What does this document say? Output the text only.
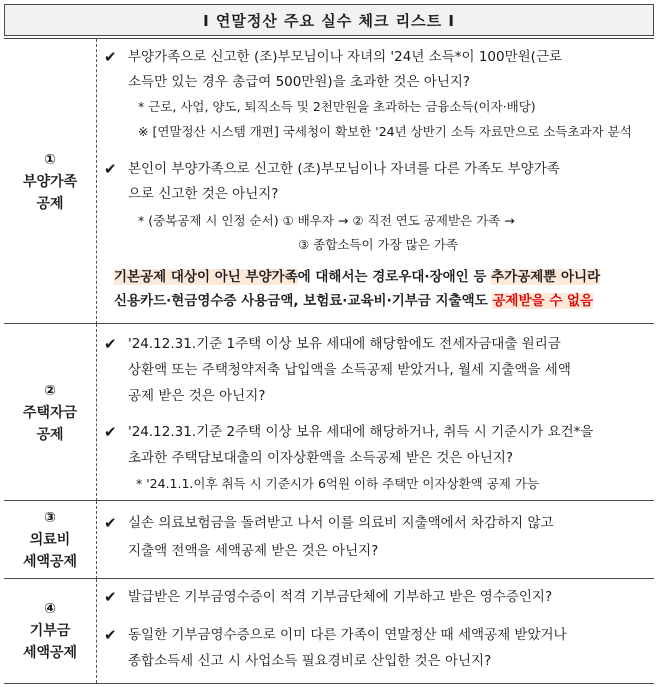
Ⅰ 연말정산 주요 실수 체크 리스트 Ⅰ
①
부양가족
공제
✔ 부양가족으로 신고한 (조)부모님이나 자녀의 '24년 소득*이 100만원(근로
소득만 있는 경우 총급여 500만원)을 초과한 것은 아닌지?
* 근로, 사업, 양도, 퇴직소득 및 2천만원을 초과하는 금융소득(이자·배당)
※ [연말정산 시스템 개편] 국세청이 확보한 '24년 상반기 소득 자료만으로 소득초과자 분석
✔ 본인이 부양가족으로 신고한 (조)부모님이나 자녀를 다른 가족도 부양가족
으로 신고한 것은 아닌지?
* (중복공제 시 인정 순서) ① 배우자 → ② 직전 연도 공제받은 가족 →
③ 종합소득이 가장 많은 가족
기본공제 대상이 아닌 부양가족에 대해서는 경로우대·장애인 등 추가공제뿐 아니라
신용카드·현금영수증 사용금액, 보험료·교육비·기부금 지출액도 공제받을 수 없음
②
주택자금
공제
✔ '24.12.31.기준 1주택 이상 보유 세대에 해당함에도 전세자금대출 원리금
상환액 또는 주택청약저축 납입액을 소득공제 받았거나, 월세 지출액을 세액
공제 받은 것은 아닌지?
✔ '24.12.31.기준 2주택 이상 보유 세대에 해당하거나, 취득 시 기준시가 요건*을
초과한 주택담보대출의 이자상환액을 소득공제 받은 것은 아닌지?
* '24.1.1.이후 취득 시 기준시가 6억원 이하 주택만 이자상환액 공제 가능
③
의료비
세액공제
✔ 실손 의료보험금을 돌려받고 나서 이를 의료비 지출액에서 차감하지 않고
지출액 전액을 세액공제 받은 것은 아닌지?
④
기부금
세액공제
✔ 발급받은 기부금영수증이 적격 기부금단체에 기부하고 받은 영수증인지?
✔ 동일한 기부금영수증으로 이미 다른 가족이 연말정산 때 세액공제 받았거나
종합소득세 신고 시 사업소득 필요경비로 산입한 것은 아닌지?
